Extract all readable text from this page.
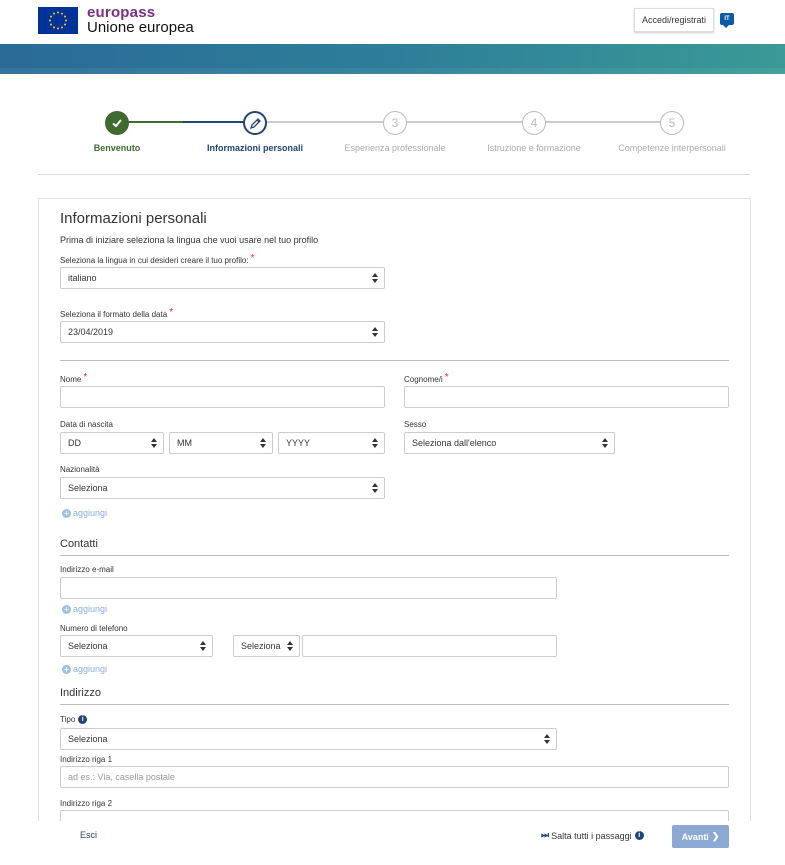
europass
Unione europea	Accedi/registrati	IT
3	4	5
Benvenuto	Informazioni personali	Esperienza professionale	Istruzione e formazione	Competenze interpersonali
Informazioni personali
Prima di iniziare seleziona la lingua che vuoi usare nel tuo profilo
Seleziona la lingua in cui desideri creare il tuo profilo: *
italiano
Seleziona il formato della data *
23/04/2019
Nome *	Cognome/i *
Data di nascita
DD	MM	YYYY
Sesso
Seleziona dall'elenco
Nazionalità
Seleziona
+ aggiungi
Contatti
Indirizzo e-mail
+ aggiungi
Numero di telefono
Seleziona	Seleziona
+ aggiungi
Indirizzo
Tipo i
Seleziona
Indirizzo riga 1
ad es.: Via, casella postale
Indirizzo riga 2
Esci	⏭ Salta tutti i passaggi i	Avanti ❯
